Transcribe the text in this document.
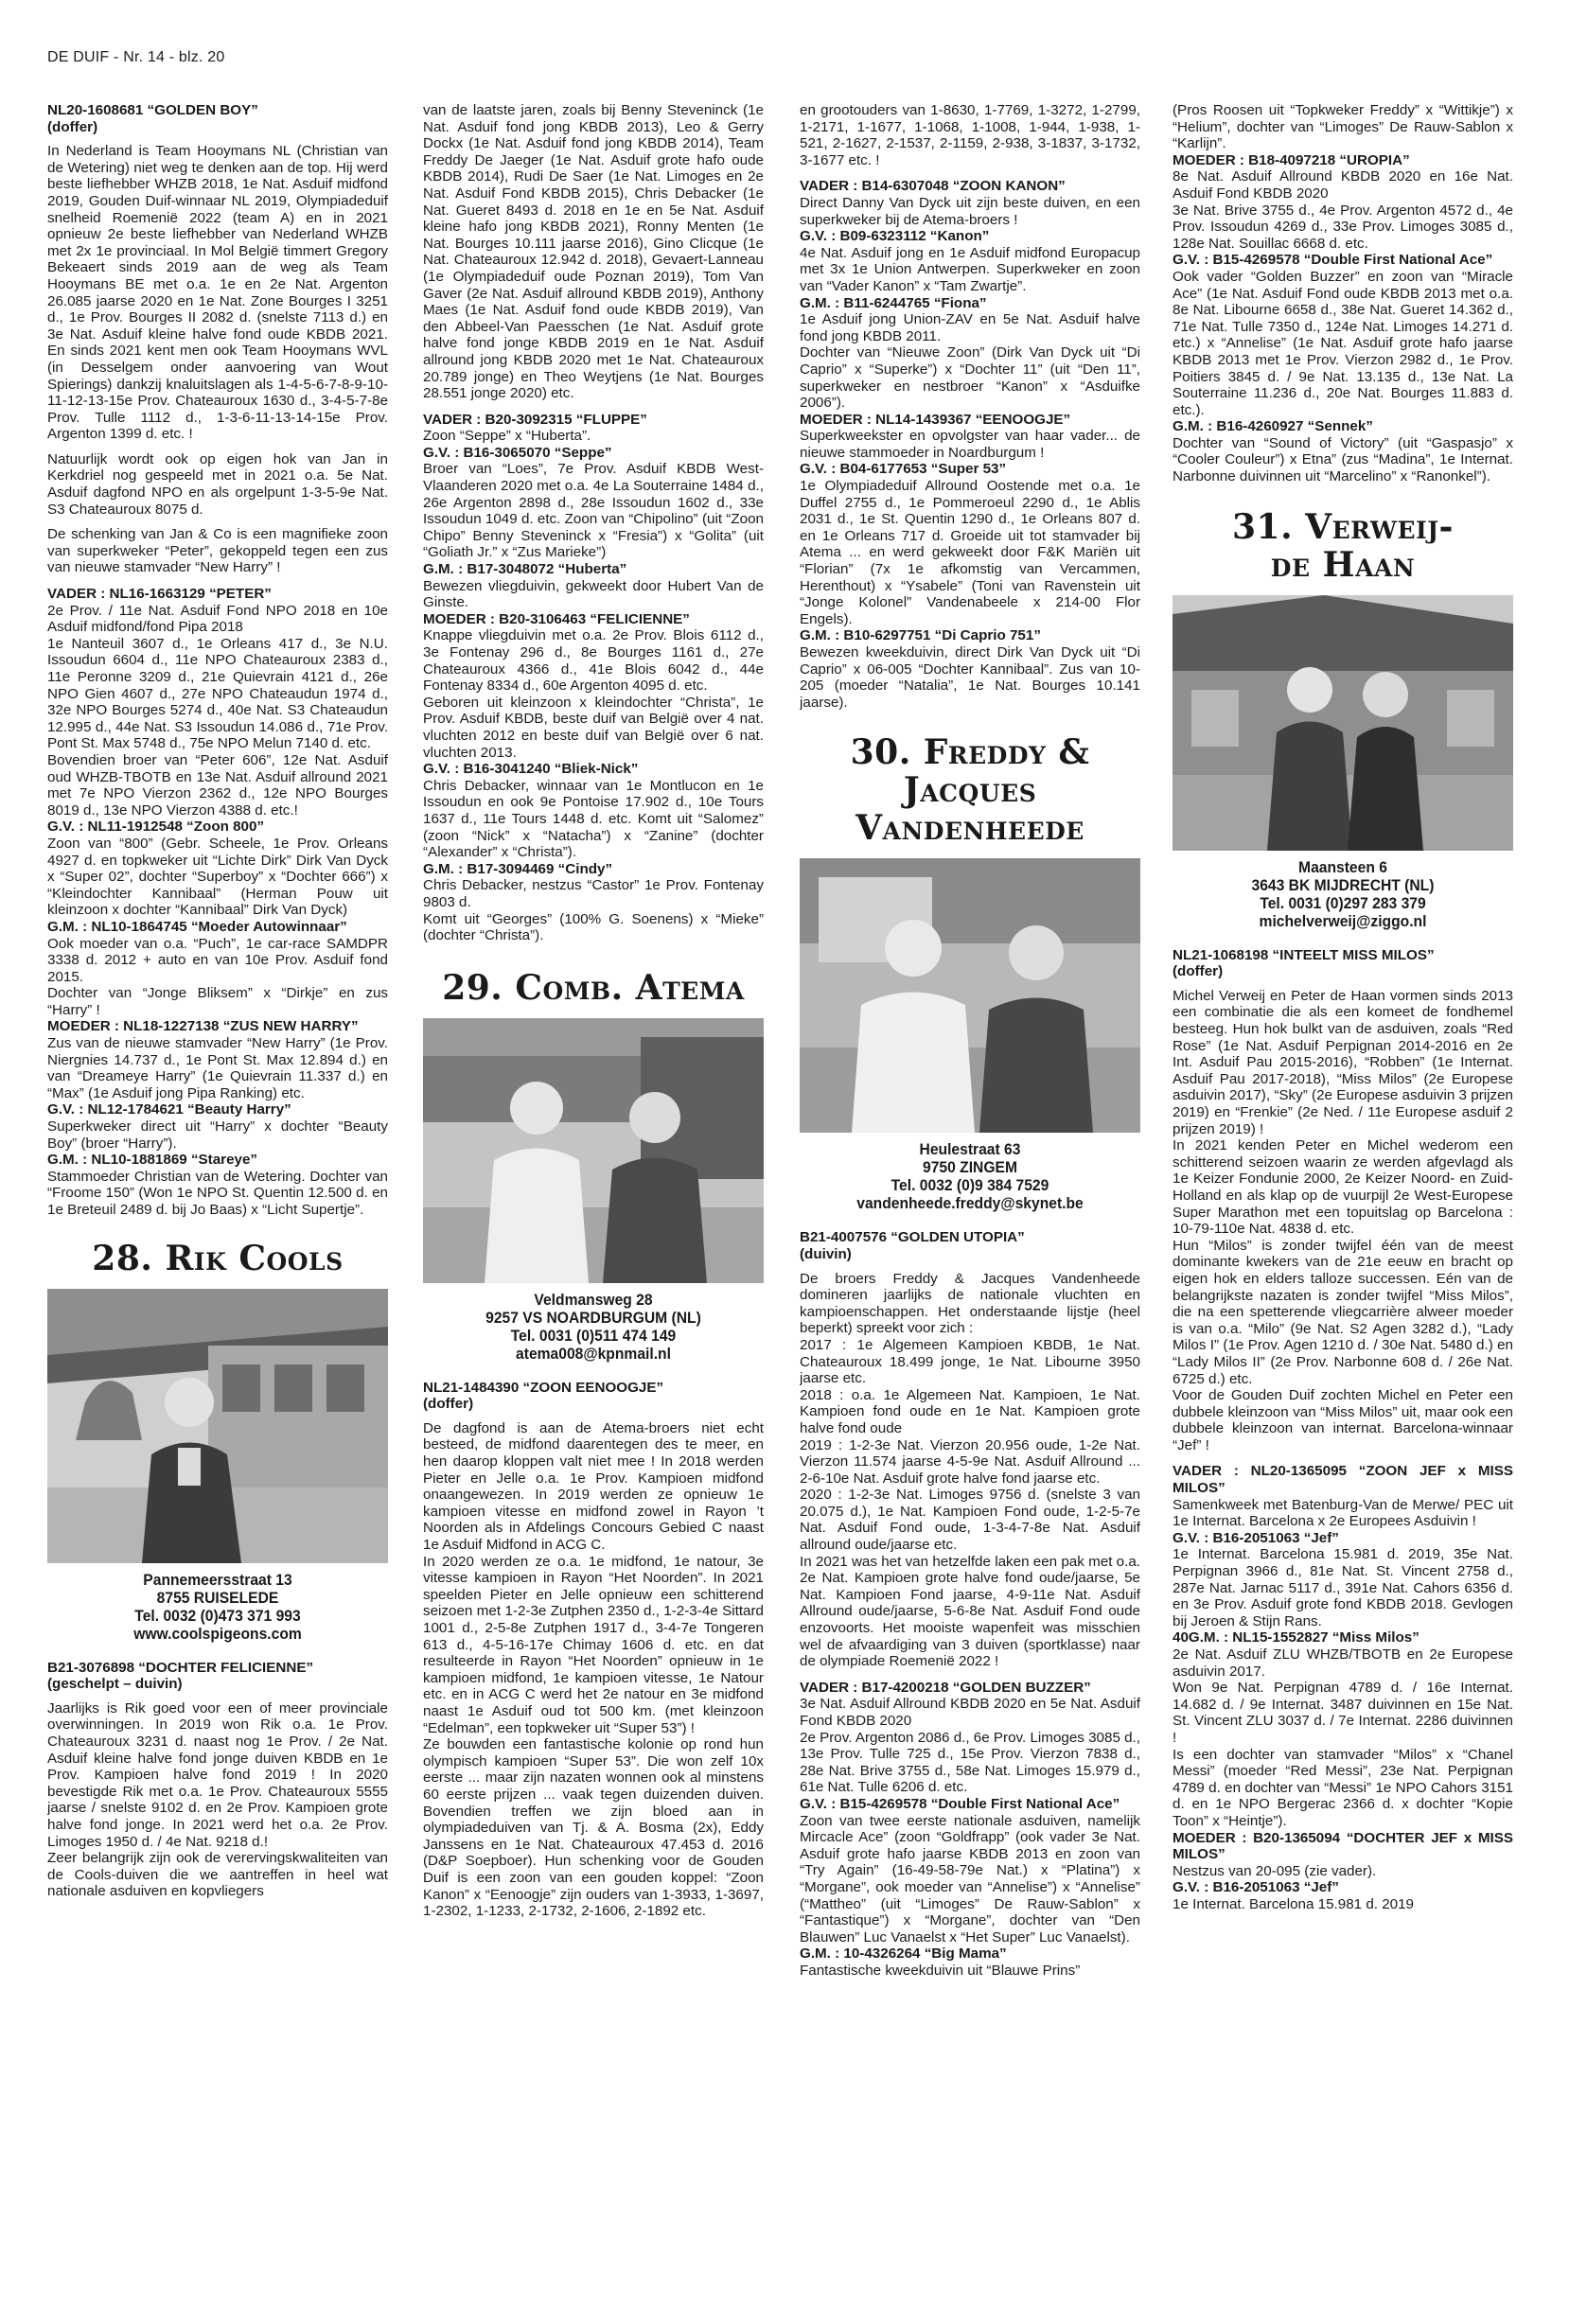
DE DUIF - Nr. 14 - blz. 20
NL20-1608681 “GOLDEN BOY”
(doffer)

In Nederland is Team Hooymans NL (Christian van de Wetering) niet weg te denken aan de top. Hij werd beste liefhebber WHZB 2018, 1e Nat. Asduif midfond 2019, Gouden Duif-winnaar NL 2019, Olympiadeduif snelheid Roemenië 2022 (team A) en in 2021 opnieuw 2e beste liefhebber van Nederland WHZB met 2x 1e provinciaal. In Mol België timmert Gregory Bekeaert sinds 2019 aan de weg als Team Hooymans BE met o.a. 1e en 2e Nat. Argenton 26.085 jaarse 2020 en 1e Nat. Zone Bourges I 3251 d., 1e Prov. Bourges II 2082 d. (snelste 7113 d.) en 3e Nat. Asduif kleine halve fond oude KBDB 2021. En sinds 2021 kent men ook Team Hooymans WVL (in Desselgem onder aanvoering van Wout Spierings) dankzij knaluitslagen als 1-4-5-6-7-8-9-10-11-12-13-15e Prov. Chateauroux 1630 d., 3-4-5-7-8e Prov. Tulle 1112 d., 1-3-6-11-13-14-15e Prov. Argenton 1399 d. etc. !

Natuurlijk wordt ook op eigen hok van Jan in Kerkdriel nog gespeeld met in 2021 o.a. 5e Nat. Asduif dagfond NPO en als orgelpunt 1-3-5-9e Nat. S3 Chateauroux 8075 d.

De schenking van Jan & Co is een magnifieke zoon van superkweker “Peter”, gekoppeld tegen een zus van nieuwe stamvader “New Harry” !

VADER : NL16-1663129 “PETER”

2e Prov. / 11e Nat. Asduif Fond NPO 2018 en 10e Asduif midfond/fond Pipa 2018

1e Nanteuil 3607 d., 1e Orleans 417 d., 3e N.U. Issoudun 6604 d., 11e NPO Chateauroux 2383 d., 11e Peronne 3209 d., 21e Quievrain 4121 d., 26e NPO Gien 4607 d., 27e NPO Chateaudun 1974 d., 32e NPO Bourges 5274 d., 40e Nat. S3 Chateaudun 12.995 d., 44e Nat. S3 Issoudun 14.086 d., 71e Prov. Pont St. Max 5748 d., 75e NPO Melun 7140 d. etc.

Bovendien broer van “Peter 606”, 12e Nat. Asduif oud WHZB-TBOTB en 13e Nat. Asduif allround 2021 met 7e NPO Vierzon 2362 d., 12e NPO Bourges 8019 d., 13e NPO Vierzon 4388 d. etc.!

G.V. : NL11-1912548 “Zoon 800”

Zoon van “800” (Gebr. Scheele, 1e Prov. Orleans 4927 d. en topkweker uit “Lichte Dirk” Dirk Van Dyck x “Super 02”, dochter “Superboy” x “Dochter 666”) x “Kleindochter Kannibaal” (Herman Pouw uit kleinzoon x dochter “Kannibaal” Dirk Van Dyck)

G.M. : NL10-1864745 “Moeder Autowinnaar”

Ook moeder van o.a. “Puch”, 1e car-race SAMDPR 3338 d. 2012 + auto en van 10e Prov. Asduif fond 2015.

Dochter van “Jonge Bliksem” x “Dirkje” en zus “Harry” !

MOEDER : NL18-1227138 “ZUS NEW HARRY”

Zus van de nieuwe stamvader “New Harry” (1e Prov. Niergnies 14.737 d., 1e Pont St. Max 12.894 d.) en van “Dreameye Harry” (1e Quievrain 11.337 d.) en “Max” (1e Asduif jong Pipa Ranking) etc.

G.V. : NL12-1784621 “Beauty Harry”

Superkweker direct uit “Harry” x dochter “Beauty Boy” (broer “Harry”).

G.M. : NL10-1881869 “Stareye”

Stammoeder Christian van de Wetering. Dochter van “Froome 150” (Won 1e NPO St. Quentin 12.500 d. en 1e Breteuil 2489 d. bij Jo Baas) x “Licht Supertje”.

28. Rik Cools
Pannemeersstraat 13
8755 RUISELEDE
Tel. 0032 (0)473 371 993
www.coolspigeons.com
B21-3076898 “DOCHTER FELICIENNE”
(geschelpt – duivin)

Jaarlijks is Rik goed voor een of meer provinciale overwinningen. In 2019 won Rik o.a. 1e Prov. Chateauroux 3231 d. naast nog 1e Prov. / 2e Nat. Asduif kleine halve fond jonge duiven KBDB en 1e Prov. Kampioen halve fond 2019 ! In 2020 bevestigde Rik met o.a. 1e Prov. Chateauroux 5555 jaarse / snelste 9102 d. en 2e Prov. Kampioen grote halve fond jonge. In 2021 werd het o.a. 2e Prov. Limoges 1950 d. / 4e Nat. 9218 d.!

Zeer belangrijk zijn ook de verervingskwaliteiten van de Cools-duiven die we aantreffen in heel wat nationale asduiven en kopvliegers

van de laatste jaren, zoals bij Benny Steveninck (1e Nat. Asduif fond jong KBDB 2013), Leo & Gerry Dockx (1e Nat. Asduif fond jong KBDB 2014), Team Freddy De Jaeger (1e Nat. Asduif grote hafo oude KBDB 2014), Rudi De Saer (1e Nat. Limoges en 2e Nat. Asduif Fond KBDB 2015), Chris Debacker (1e Nat. Gueret 8493 d. 2018 en 1e en 5e Nat. Asduif kleine hafo jong KBDB 2021), Ronny Menten (1e Nat. Bourges 10.111 jaarse 2016), Gino Clicque (1e Nat. Chateauroux 12.942 d. 2018), Gevaert-Lanneau (1e Olympiadeduif oude Poznan 2019), Tom Van Gaver (2e Nat. Asduif allround KBDB 2019), Anthony Maes (1e Nat. Asduif fond oude KBDB 2019), Van den Abbeel-Van Paesschen (1e Nat. Asduif grote halve fond jonge KBDB 2019 en 1e Nat. Asduif allround jong KBDB 2020 met 1e Nat. Chateauroux 20.789 jonge) en Theo Weytjens (1e Nat. Bourges 28.551 jonge 2020) etc.

VADER : B20-3092315 “FLUPPE”

Zoon “Seppe” x “Huberta”.

G.V. : B16-3065070 “Seppe”

Broer van “Loes”, 7e Prov. Asduif KBDB West-Vlaanderen 2020 met o.a. 4e La Souterraine 1484 d., 26e Argenton 2898 d., 28e Issoudun 1602 d., 33e Issoudun 1049 d. etc. Zoon van “Chipolino” (uit “Zoon Chipo” Benny Steveninck x “Fresia”) x “Golita” (uit “Goliath Jr.” x “Zus Marieke”)

G.M. : B17-3048072 “Huberta”

Bewezen vliegduivin, gekweekt door Hubert Van de Ginste.

MOEDER : B20-3106463 “FELICIENNE”

Knappe vliegduivin met o.a. 2e Prov. Blois 6112 d., 3e Fontenay 296 d., 8e Bourges 1161 d., 27e Chateauroux 4366 d., 41e Blois 6042 d., 44e Fontenay 8334 d., 60e Argenton 4095 d. etc.

Geboren uit kleinzoon x kleindochter “Christa”, 1e Prov. Asduif KBDB, beste duif van België over 4 nat. vluchten 2012 en beste duif van België over 6 nat. vluchten 2013.

G.V. : B16-3041240 “Bliek-Nick”

Chris Debacker, winnaar van 1e Montlucon en 1e Issoudun en ook 9e Pontoise 17.902 d., 10e Tours 1637 d., 11e Tours 1448 d. etc. Komt uit “Salomez” (zoon “Nick” x “Natacha”) x “Zanine” (dochter “Alexander” x “Christa”).

G.M. : B17-3094469 “Cindy”

Chris Debacker, nestzus “Castor” 1e Prov. Fontenay 9803 d.

Komt uit “Georges” (100% G. Soenens) x “Mieke” (dochter “Christa”).

29. Comb. Atema
Veldmansweg 28
9257 VS NOARDBURGUM (NL)
Tel. 0031 (0)511 474 149
atema008@kpnmail.nl
NL21-1484390 “ZOON EENOOGJE”
(doffer)

De dagfond is aan de Atema-broers niet echt besteed, de midfond daarentegen des te meer, en hen daarop kloppen valt niet mee ! In 2018 werden Pieter en Jelle o.a. 1e Prov. Kampioen midfond onaangewezen. In 2019 werden ze opnieuw 1e kampioen vitesse en midfond zowel in Rayon ’t Noorden als in Afdelings Concours Gebied C naast 1e Asduif Midfond in ACG C.

In 2020 werden ze o.a. 1e midfond, 1e natour, 3e vitesse kampioen in Rayon “Het Noorden”. In 2021 speelden Pieter en Jelle opnieuw een schitterend seizoen met 1-2-3e Zutphen 2350 d., 1-2-3-4e Sittard 1001 d., 2-5-8e Zutphen 1917 d., 3-4-7e Tongeren 613 d., 4-5-16-17e Chimay 1606 d. etc. en dat resulteerde in Rayon “Het Noorden” opnieuw in 1e kampioen midfond, 1e kampioen vitesse, 1e Natour etc. en in ACG C werd het 2e natour en 3e midfond naast 1e Asduif oud tot 500 km. (met kleinzoon “Edelman”, een topkweker uit “Super 53”) !

Ze bouwden een fantastische kolonie op rond hun olympisch kampioen “Super 53”. Die won zelf 10x eerste ... maar zijn nazaten wonnen ook al minstens 60 eerste prijzen ... vaak tegen duizenden duiven. Bovendien treffen we zijn bloed aan in olympiadeduiven van Tj. & A. Bosma (2x), Eddy Janssens en 1e Nat. Chateauroux 47.453 d. 2016 (D&P Soepboer). Hun schenking voor de Gouden Duif is een zoon van een gouden koppel: “Zoon Kanon” x “Eenoogje” zijn ouders van 1-3933, 1-3697, 1-2302, 1-1233, 2-1732, 2-1606, 2-1892 etc.

en grootouders van 1-8630, 1-7769, 1-3272, 1-2799, 1-2171, 1-1677, 1-1068, 1-1008, 1-944, 1-938, 1-521, 2-1627, 2-1537, 2-1159, 2-938, 3-1837, 3-1732, 3-1677 etc. !

VADER : B14-6307048 “ZOON KANON”

Direct Danny Van Dyck uit zijn beste duiven, en een superkweker bij de Atema-broers !

G.V. : B09-6323112 “Kanon”

4e Nat. Asduif jong en 1e Asduif midfond Europacup met 3x 1e Union Antwerpen. Superkweker en zoon van “Vader Kanon” x “Tam Zwartje”.

G.M. : B11-6244765 “Fiona”

1e Asduif jong Union-ZAV en 5e Nat. Asduif halve fond jong KBDB 2011.

Dochter van “Nieuwe Zoon” (Dirk Van Dyck uit “Di Caprio” x “Superke”) x “Dochter 11” (uit “Den 11”, superkweker en nestbroer “Kanon” x “Asduifke 2006”).

MOEDER : NL14-1439367 “EENOOGJE”

Superkweekster en opvolgster van haar vader... de nieuwe stammoeder in Noardburgum !

G.V. : B04-6177653 “Super 53”

1e Olympiadeduif Allround Oostende met o.a. 1e Duffel 2755 d., 1e Pommeroeul 2290 d., 1e Ablis 2031 d., 1e St. Quentin 1290 d., 1e Orleans 807 d. en 1e Orleans 717 d. Groeide uit tot stamvader bij Atema ... en werd gekweekt door F&K Mariën uit “Florian” (7x 1e afkomstig van Vercammen, Herenthout) x “Ysabele” (Toni van Ravenstein uit “Jonge Kolonel” Vandenabeele x 214-00 Flor Engels).

G.M. : B10-6297751 “Di Caprio 751”

Bewezen kweekduivin, direct Dirk Van Dyck uit “Di Caprio” x 06-005 “Dochter Kannibaal”. Zus van 10-205 (moeder “Natalia”, 1e Nat. Bourges 10.141 jaarse).

30. Freddy & Jacques
Vandenheede
Heulestraat 63
9750 ZINGEM
Tel. 0032 (0)9 384 7529
vandenheede.freddy@skynet.be
B21-4007576 “GOLDEN UTOPIA”
(duivin)

De broers Freddy & Jacques Vandenheede domineren jaarlijks de nationale vluchten en kampioenschappen. Het onderstaande lijstje (heel beperkt) spreekt voor zich :

2017 : 1e Algemeen Kampioen KBDB, 1e Nat. Chateauroux 18.499 jonge, 1e Nat. Libourne 3950 jaarse etc.

2018 : o.a. 1e Algemeen Nat. Kampioen, 1e Nat. Kampioen fond oude en 1e Nat. Kampioen grote halve fond oude

2019 : 1-2-3e Nat. Vierzon 20.956 oude, 1-2e Nat. Vierzon 11.574 jaarse 4-5-9e Nat. Asduif Allround ... 2-6-10e Nat. Asduif grote halve fond jaarse etc.

2020 : 1-2-3e Nat. Limoges 9756 d. (snelste 3 van 20.075 d.), 1e Nat. Kampioen Fond oude, 1-2-5-7e Nat. Asduif Fond oude, 1-3-4-7-8e Nat. Asduif allround oude/jaarse etc.

In 2021 was het van hetzelfde laken een pak met o.a. 2e Nat. Kampioen grote halve fond oude/jaarse, 5e Nat. Kampioen Fond jaarse, 4-9-11e Nat. Asduif Allround oude/jaarse, 5-6-8e Nat. Asduif Fond oude enzovoorts. Het mooiste wapenfeit was misschien wel de afvaardiging van 3 duiven (sportklasse) naar de olympiade Roemenië 2022 !

VADER : B17-4200218 “GOLDEN BUZZER”

3e Nat. Asduif Allround KBDB 2020 en 5e Nat. Asduif Fond KBDB 2020

2e Prov. Argenton 2086 d., 6e Prov. Limoges 3085 d., 13e Prov. Tulle 725 d., 15e Prov. Vierzon 7838 d., 28e Nat. Brive 3755 d., 58e Nat. Limoges 15.979 d., 61e Nat. Tulle 6206 d. etc.

G.V. : B15-4269578 “Double First National Ace”

Zoon van twee eerste nationale asduiven, namelijk Mircacle Ace” (zoon “Goldfrapp” (ook vader 3e Nat. Asduif grote hafo jaarse KBDB 2013 en zoon van “Try Again” (16-49-58-79e Nat.) x “Platina”) x “Morgane”, ook moeder van “Annelise”) x “Annelise” (“Mattheo” (uit “Limoges” De Rauw-Sablon” x “Fantastique”) x “Morgane”, dochter van “Den Blauwen” Luc Vanaelst x “Het Super” Luc Vanaelst).

G.M. : 10-4326264 “Big Mama”

Fantastische kweekduivin uit “Blauwe Prins”

(Pros Roosen uit “Topkweker Freddy” x “Wittikje”) x “Helium”, dochter van “Limoges” De Rauw-Sablon x “Karlijn”.

MOEDER : B18-4097218 “UROPIA”

8e Nat. Asduif Allround KBDB 2020 en 16e Nat. Asduif Fond KBDB 2020

3e Nat. Brive 3755 d., 4e Prov. Argenton 4572 d., 4e Prov. Issoudun 4269 d., 33e Prov. Limoges 3085 d., 128e Nat. Souillac 6668 d. etc.

G.V. : B15-4269578 “Double First National Ace”

Ook vader “Golden Buzzer” en zoon van “Miracle Ace” (1e Nat. Asduif Fond oude KBDB 2013 met o.a. 8e Nat. Libourne 6658 d., 38e Nat. Gueret 14.362 d., 71e Nat. Tulle 7350 d., 124e Nat. Limoges 14.271 d. etc.) x “Annelise” (1e Nat. Asduif grote hafo jaarse KBDB 2013 met 1e Prov. Vierzon 2982 d., 1e Prov. Poitiers 3845 d. / 9e Nat. 13.135 d., 13e Nat. La Souterraine 11.236 d., 20e Nat. Bourges 11.883 d. etc.).

G.M. : B16-4260927 “Sennek”

Dochter van “Sound of Victory” (uit “Gaspasjo” x “Cooler Couleur”) x Etna” (zus “Madina”, 1e Internat. Narbonne duivinnen uit “Marcelino” x “Ranonkel”).

31. Verweij-
de Haan
Maansteen 6
3643 BK MIJDRECHT (NL)
Tel. 0031 (0)297 283 379
michelverweij@ziggo.nl
NL21-1068198 “INTEELT MISS MILOS”
(doffer)

Michel Verweij en Peter de Haan vormen sinds 2013 een combinatie die als een komeet de fondhemel besteeg. Hun hok bulkt van de asduiven, zoals “Red Rose” (1e Nat. Asduif Perpignan 2014-2016 en 2e Int. Asduif Pau 2015-2016), “Robben” (1e Internat. Asduif Pau 2017-2018), “Miss Milos” (2e Europese asduivin 2017), “Sky” (2e Europese asduivin 3 prijzen 2019) en “Frenkie” (2e Ned. / 11e Europese asduif 2 prijzen 2019) !

In 2021 kenden Peter en Michel wederom een schitterend seizoen waarin ze werden afgevlagd als 1e Keizer Fondunie 2000, 2e Keizer Noord- en Zuid-Holland en als klap op de vuurpijl 2e West-Europese Super Marathon met een topuitslag op Barcelona : 10-79-110e Nat. 4838 d. etc.

Hun “Milos” is zonder twijfel één van de meest dominante kwekers van de 21e eeuw en bracht op eigen hok en elders talloze successen. Eén van de belangrijkste nazaten is zonder twijfel “Miss Milos”, die na een spetterende vliegcarrière alweer moeder is van o.a. “Milo” (9e Nat. S2 Agen 3282 d.), “Lady Milos I” (1e Prov. Agen 1210 d. / 30e Nat. 5480 d.) en “Lady Milos II” (2e Prov. Narbonne 608 d. / 26e Nat. 6725 d.) etc.

Voor de Gouden Duif zochten Michel en Peter een dubbele kleinzoon van “Miss Milos” uit, maar ook een dubbele kleinzoon van internat. Barcelona-winnaar “Jef” !

VADER : NL20-1365095 “ZOON JEF x MISS MILOS”

Samenkweek met Batenburg-Van de Merwe/ PEC uit 1e Internat. Barcelona x 2e Europees Asduivin !

G.V. : B16-2051063 “Jef”

1e Internat. Barcelona 15.981 d. 2019, 35e Nat. Perpignan 3966 d., 81e Nat. St. Vincent 2758 d., 287e Nat. Jarnac 5117 d., 391e Nat. Cahors 6356 d. en 3e Prov. Asduif grote fond KBDB 2018. Gevlogen bij Jeroen & Stijn Rans.

40G.M. : NL15-1552827 “Miss Milos”

2e Nat. Asduif ZLU WHZB/TBOTB en 2e Europese asduivin 2017.

Won 9e Nat. Perpignan 4789 d. / 16e Internat. 14.682 d. / 9e Internat. 3487 duivinnen en 15e Nat. St. Vincent ZLU 3037 d. / 7e Internat. 2286 duivinnen !

Is een dochter van stamvader “Milos” x “Chanel Messi” (moeder “Red Messi”, 23e Nat. Perpignan 4789 d. en dochter van “Messi” 1e NPO Cahors 3151 d. en 1e NPO Bergerac 2366 d. x dochter “Kopie Toon” x “Heintje”).

MOEDER : B20-1365094 “DOCHTER JEF x MISS MILOS”

Nestzus van 20-095 (zie vader).

G.V. : B16-2051063 “Jef”

1e Internat. Barcelona 15.981 d. 2019
